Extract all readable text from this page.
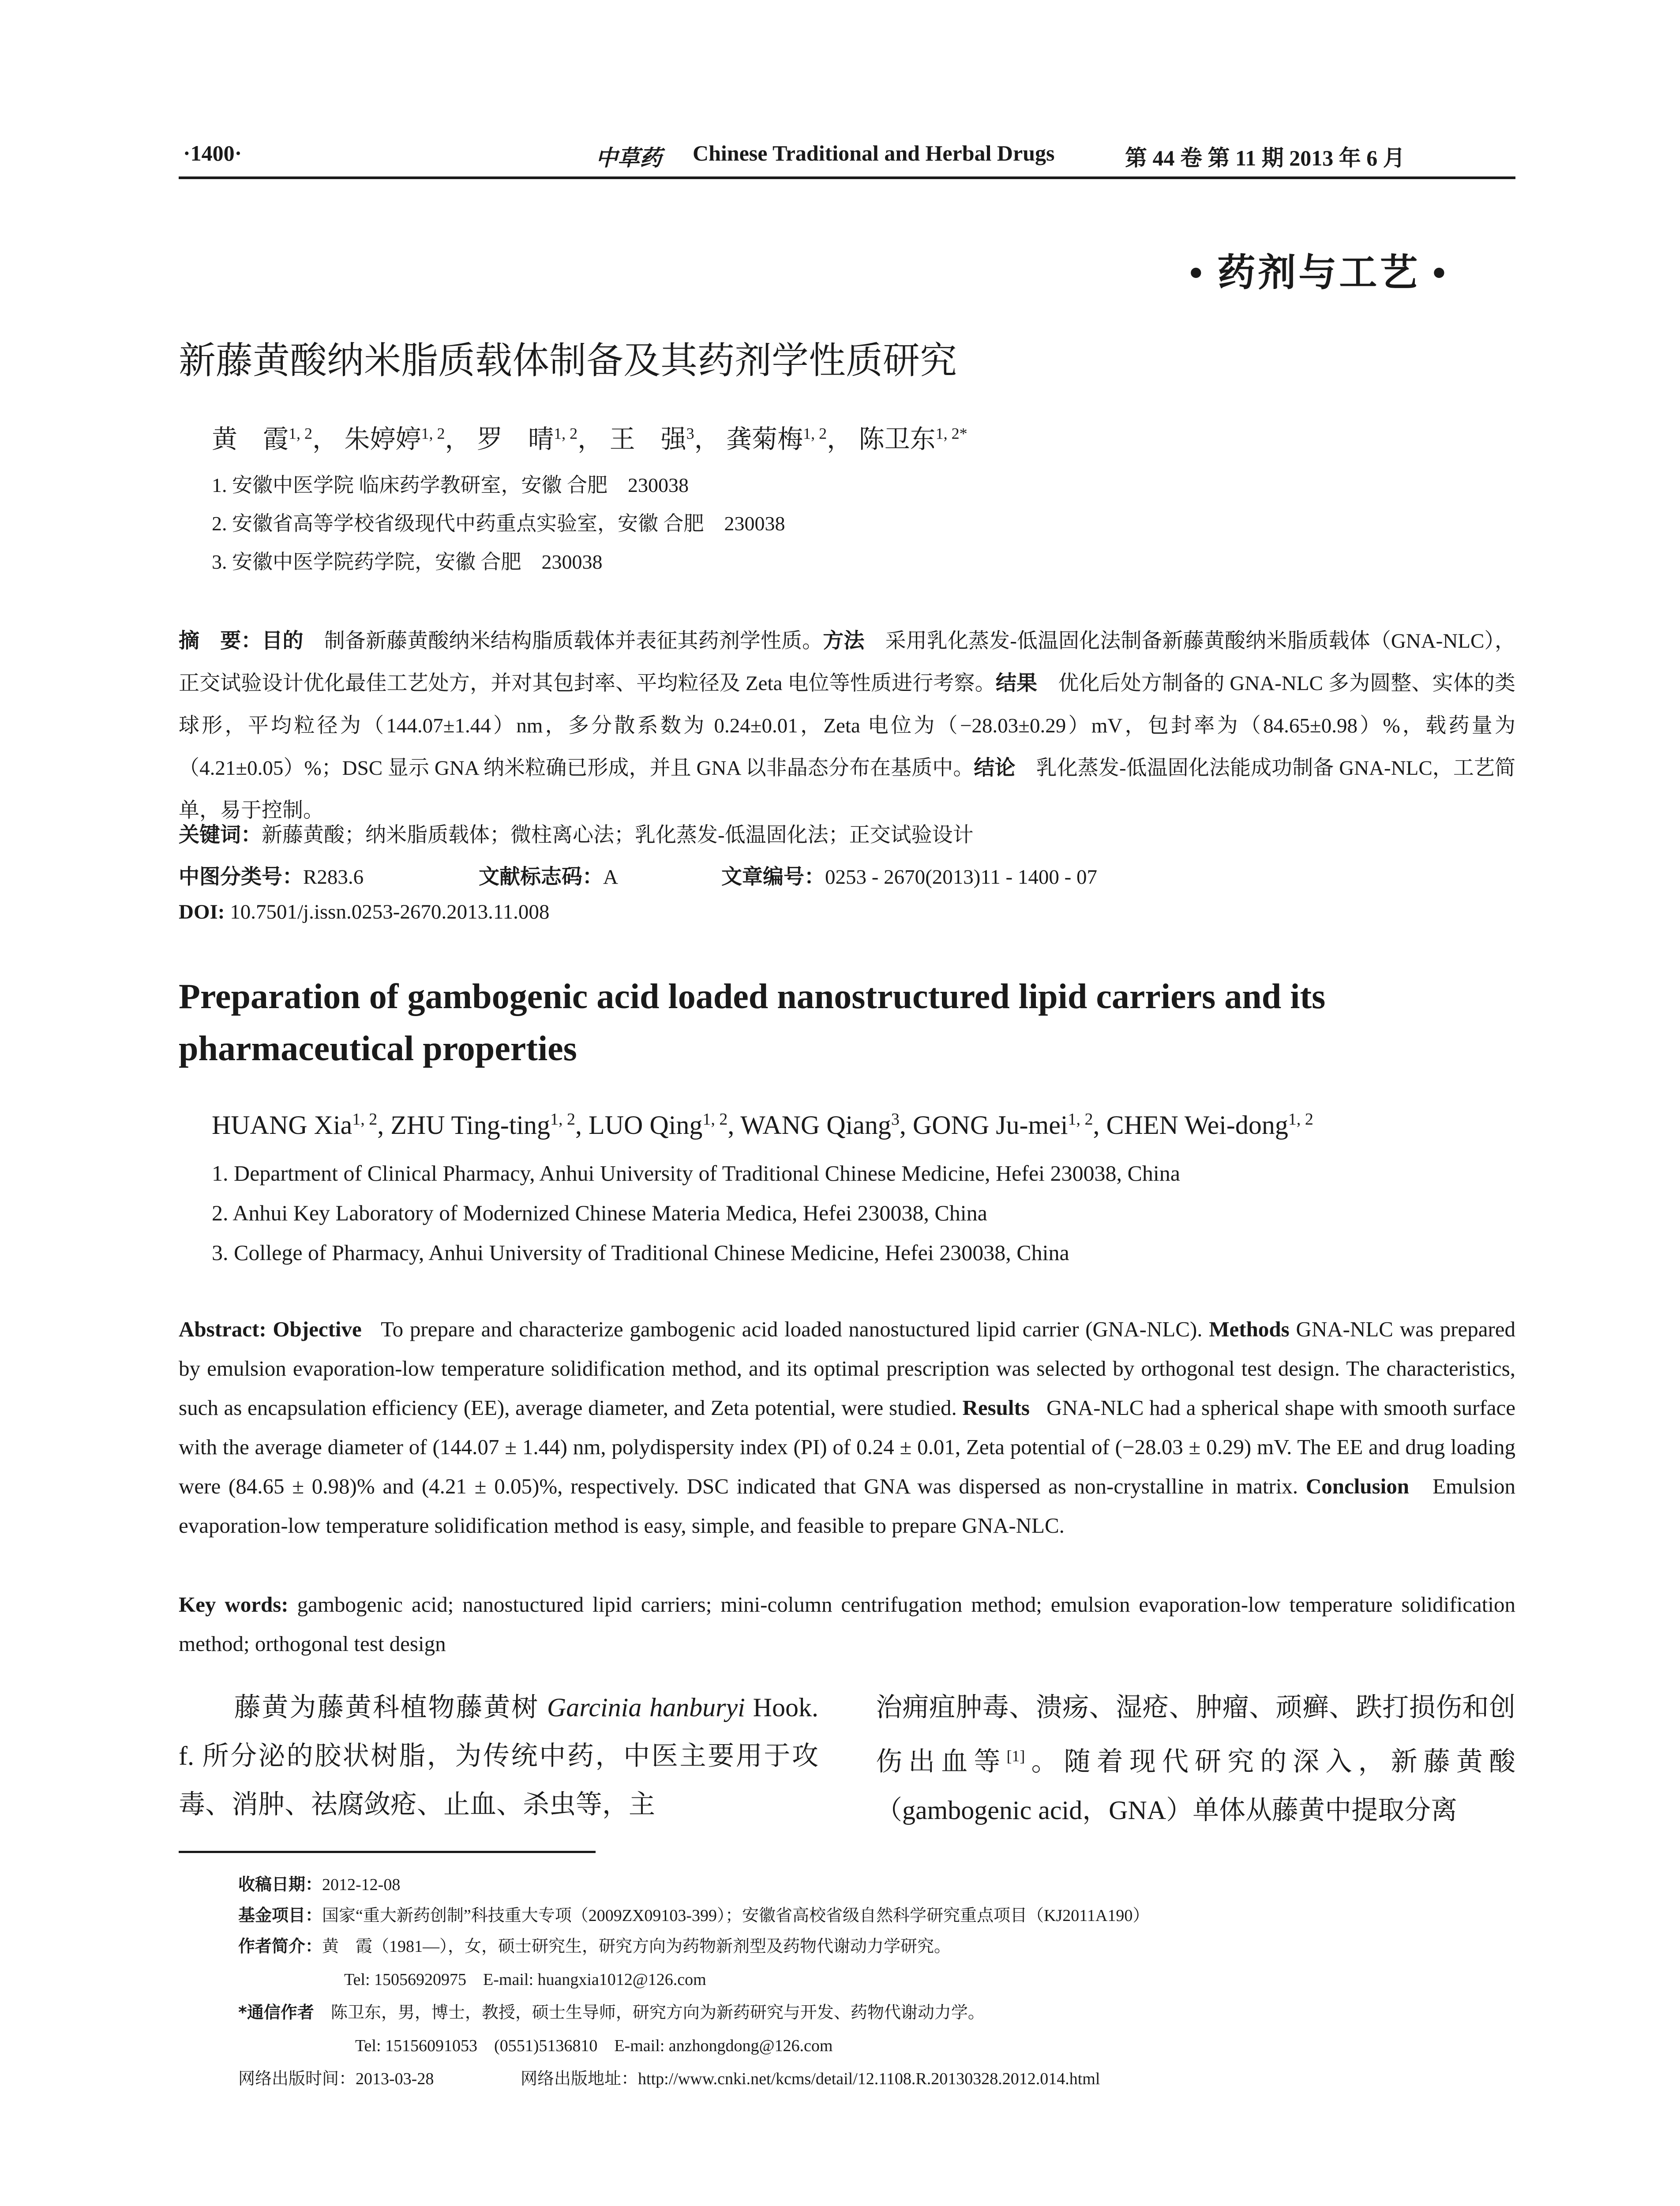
·1400·	中草药 Chinese Traditional and Herbal Drugs	第 44 卷 第 11 期 2013 年 6 月
• 药剂与工艺 •
新藤黄酸纳米脂质载体制备及其药剂学性质研究
黄　霞$^{1, 2}$， 朱婷婷$^{1, 2}$， 罗　晴$^{1, 2}$， 王　强$^3$， 龚菊梅$^{1, 2}$， 陈卫东$^{1, 2*}$
1. 安徽中医学院 临床药学教研室，安徽 合肥　230038
2. 安徽省高等学校省级现代中药重点实验室，安徽 合肥　230038
3. 安徽中医学院药学院，安徽 合肥　230038
摘　要：目的　 制备新藤黄酸纳米结构脂质载体并表征其药剂学性质。方法　 采用乳化蒸发-低温固化法制备新藤黄酸纳米脂质载体（GNA-NLC），正交试验设计优化最佳工艺处方，并对其包封率、平均粒径及 Zeta 电位等性质进行考察。结果　 优化后处方制备的 GNA-NLC 多为圆整、实体的类球形，平均粒径为（144.07±1.44）nm，多分散系数为 0.24±0.01，Zeta 电位为（−28.03±0.29）mV，包封率为（84.65±0.98）%，载药量为（4.21±0.05）%；DSC 显示 GNA 纳米粒确已形成，并且 GNA 以非晶态分布在基质中。结论　 乳化蒸发-低温固化法能成功制备 GNA-NLC，工艺简单，易于控制。
关键词：新藤黄酸；纳米脂质载体；微柱离心法；乳化蒸发-低温固化法；正交试验设计
中图分类号：R283.6	文献标志码：A	文章编号：0253 - 2670(2013)11 - 1400 - 07
DOI: 10.7501/j.issn.0253-2670.2013.11.008
Preparation of gambogenic acid loaded nanostructured lipid carriers and its pharmaceutical properties
HUANG Xia$^{1, 2}$, ZHU Ting-ting$^{1, 2}$, LUO Qing$^{1, 2}$, WANG Qiang$^3$, GONG Ju-mei$^{1, 2}$, CHEN Wei-dong$^{1, 2}$
1. Department of Clinical Pharmacy, Anhui University of Traditional Chinese Medicine, Hefei 230038, China
2. Anhui Key Laboratory of Modernized Chinese Materia Medica, Hefei 230038, China
3. College of Pharmacy, Anhui University of Traditional Chinese Medicine, Hefei 230038, China
Abstract: Objective To prepare and characterize gambogenic acid loaded nanostuctured lipid carrier (GNA-NLC). Methods GNA-NLC was prepared by emulsion evaporation-low temperature solidification method, and its optimal prescription was selected by orthogonal test design. The characteristics, such as encapsulation efficiency (EE), average diameter, and Zeta potential, were studied. Results GNA-NLC had a spherical shape with smooth surface with the average diameter of (144.07 ± 1.44) nm, polydispersity index (PI) of 0.24 ± 0.01, Zeta potential of (−28.03 ± 0.29) mV. The EE and drug loading were (84.65 ± 0.98)% and (4.21 ± 0.05)%, respectively. DSC indicated that GNA was dispersed as non-crystalline in matrix. Conclusion Emulsion evaporation-low temperature solidification method is easy, simple, and feasible to prepare GNA-NLC.
Key words: gambogenic acid; nanostuctured lipid carriers; mini-column centrifugation method; emulsion evaporation-low temperature solidification method; orthogonal test design

　　藤黄为藤黄科植物藤黄树 Garcinia hanburyi Hook. f. 所分泌的胶状树脂，为传统中药，中医主要用于攻毒、消肿、祛腐敛疮、止血、杀虫等，主

治痈疽肿毒、溃疡、湿疮、肿瘤、顽癣、跌打损伤和创伤出血等[1]。随着现代研究的深入，新藤黄酸（gambogenic acid，GNA）单体从藤黄中提取分离

收稿日期：2012-12-08
基金项目：国家“重大新药创制”科技重大专项（2009ZX09103-399）；安徽省高校省级自然科学研究重点项目（KJ2011A190）
作者简介：黄　霞（1981—），女，硕士研究生，研究方向为药物新剂型及药物代谢动力学研究。
Tel: 15056920975　E-mail: huangxia1012@126.com
*通信作者　 陈卫东，男，博士，教授，硕士生导师，研究方向为新药研究与开发、药物代谢动力学。
Tel: 15156091053　(0551)5136810　E-mail: anzhongdong@126.com
网络出版时间：2013-03-28	网络出版地址：http://www.cnki.net/kcms/detail/12.1108.R.20130328.2012.014.html
